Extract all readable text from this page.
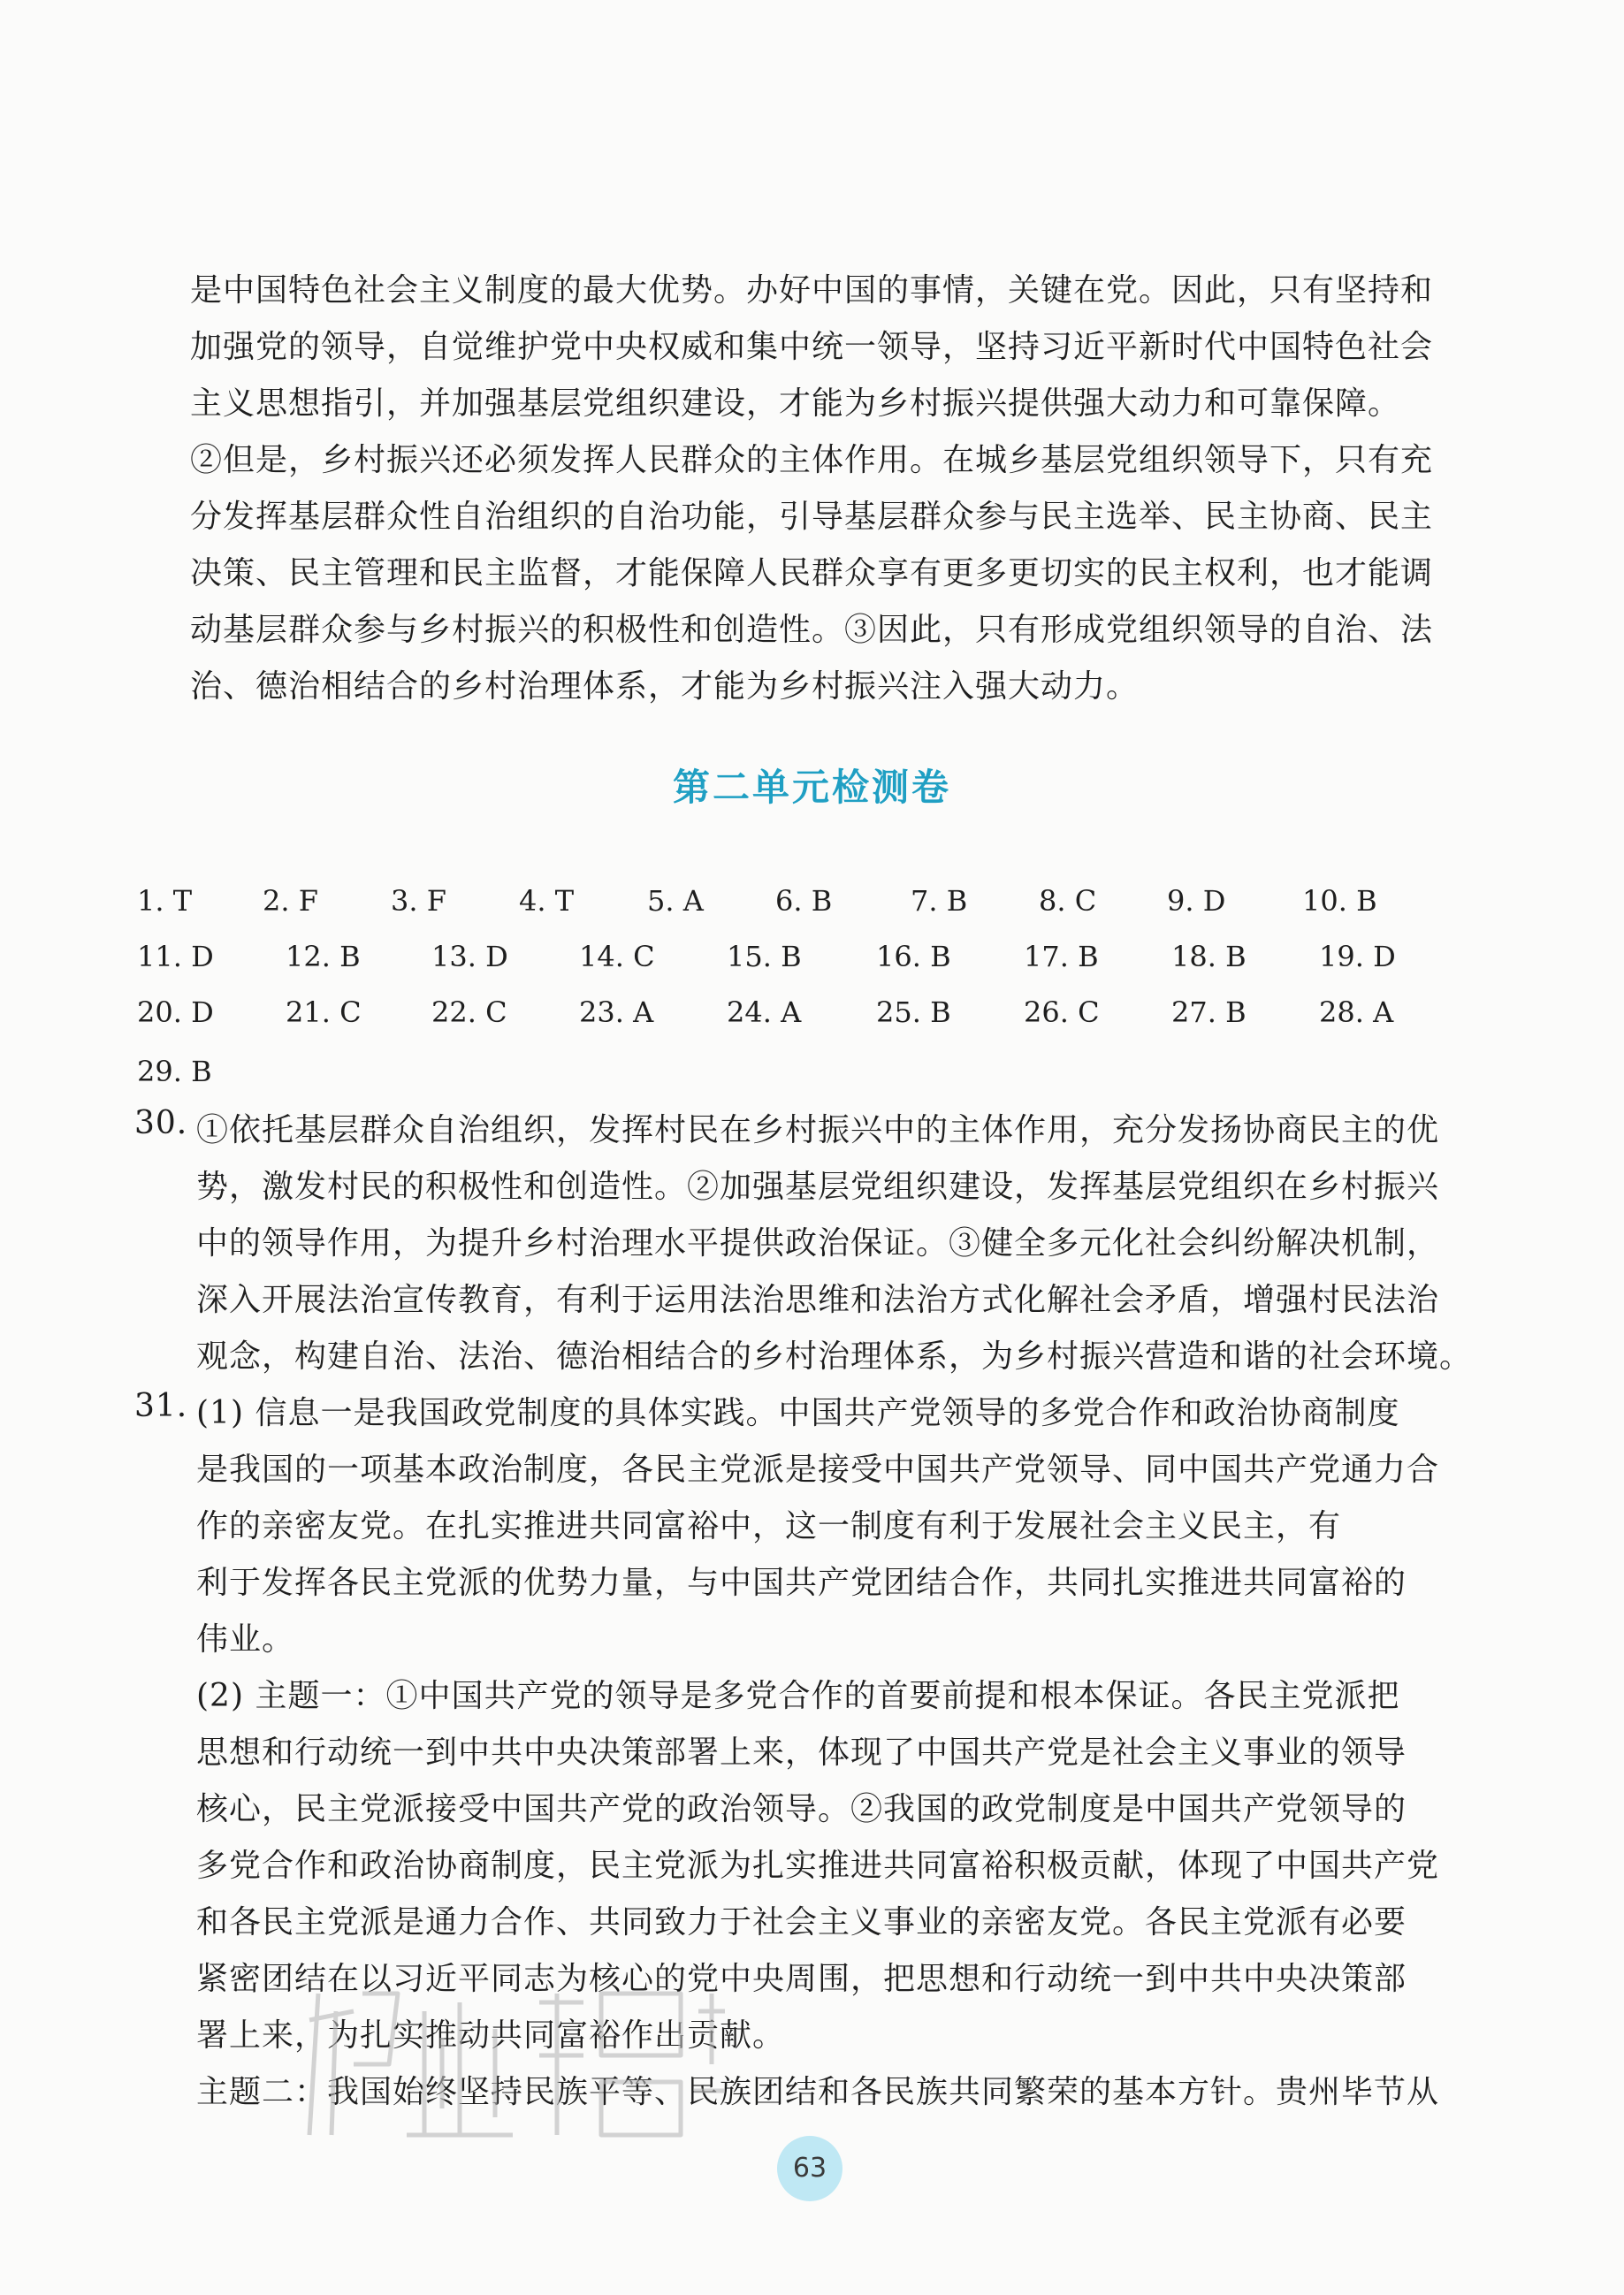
是中国特色社会主义制度的最大优势。办好中国的事情，关键在党。因此，只有坚持和
加强党的领导，自觉维护党中央权威和集中统一领导，坚持习近平新时代中国特色社会
主义思想指引，并加强基层党组织建设，才能为乡村振兴提供强大动力和可靠保障。
②但是，乡村振兴还必须发挥人民群众的主体作用。在城乡基层党组织领导下，只有充
分发挥基层群众性自治组织的自治功能，引导基层群众参与民主选举、民主协商、民主
决策、民主管理和民主监督，才能保障人民群众享有更多更切实的民主权利，也才能调
动基层群众参与乡村振兴的积极性和创造性。③因此，只有形成党组织领导的自治、法
治、德治相结合的乡村治理体系，才能为乡村振兴注入强大动力。
第二单元检测卷
1. T 2. F	3. F	4. T	5. A	6. B	7. B	8. C 9. D	10. B
11. D	12. B	13. D	14. C	15. B	16. B	17. B	18. B	19. D
20. D	21. C 22. C	23. A	24. A	25. B	26. C	27. B	28. A
29. B
30. ①依托基层群众自治组织，发挥村民在乡村振兴中的主体作用，充分发扬协商民主的优
势，激发村民的积极性和创造性。②加强基层党组织建设，发挥基层党组织在乡村振兴
中的领导作用，为提升乡村治理水平提供政治保证。③健全多元化社会纠纷解决机制，
深入开展法治宣传教育，有利于运用法治思维和法治方式化解社会矛盾，增强村民法治
观念，构建自治、法治、德治相结合的乡村治理体系，为乡村振兴营造和谐的社会环境。
31. (1) 信息一是我国政党制度的具体实践。中国共产党领导的多党合作和政治协商制度
是我国的一项基本政治制度，各民主党派是接受中国共产党领导、同中国共产党通力合
作的亲密友党。在扎实推进共同富裕中，这一制度有利于发展社会主义民主，有
利于发挥各民主党派的优势力量，与中国共产党团结合作，共同扎实推进共同富裕的
伟业。
(2) 主题一：①中国共产党的领导是多党合作的首要前提和根本保证。各民主党派把
思想和行动统一到中共中央决策部署上来，体现了中国共产党是社会主义事业的领导
核心，民主党派接受中国共产党的政治领导。②我国的政党制度是中国共产党领导的
多党合作和政治协商制度，民主党派为扎实推进共同富裕积极贡献，体现了中国共产党
和各民主党派是通力合作、共同致力于社会主义事业的亲密友党。各民主党派有必要
紧密团结在以习近平同志为核心的党中央周围，把思想和行动统一到中共中央决策部
署上来，为扎实推动共同富裕作出贡献。
主题二：我国始终坚持民族平等、民族团结和各民族共同繁荣的基本方针。贵州毕节从
63
